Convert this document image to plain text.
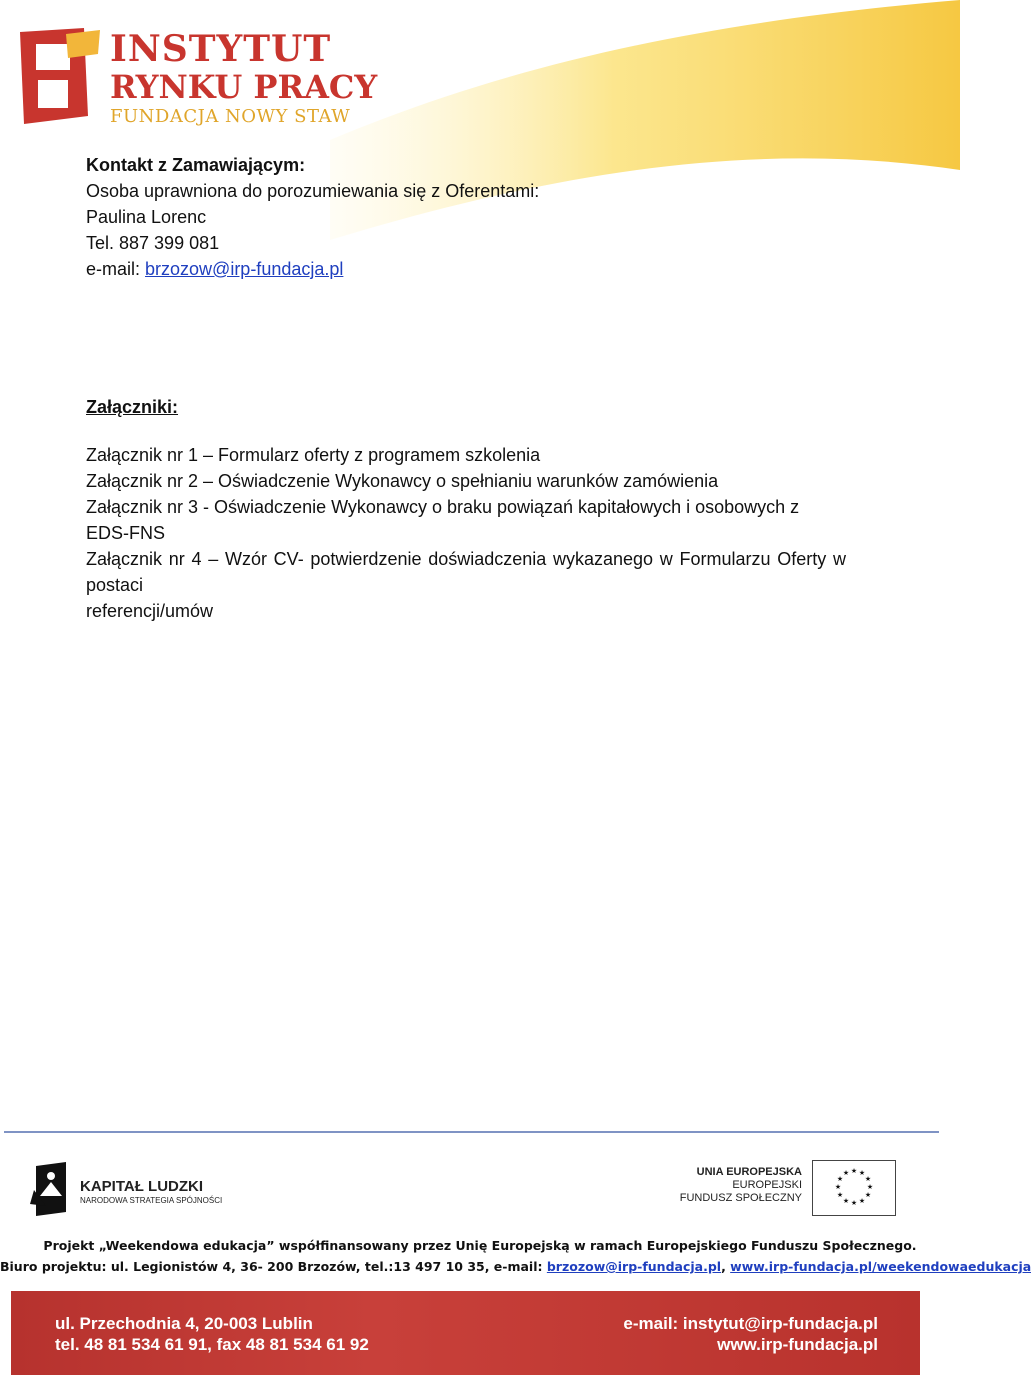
INSTYTUT
RYNKU PRACY
FUNDACJA NOWY STAW

Kontakt z Zamawiającym:

Osoba uprawniona do porozumiewania się z Oferentami:

Paulina Lorenc

Tel. 887 399 081

e-mail: brzozow@irp-fundacja.pl

Załączniki:

Załącznik nr 1 – Formularz oferty z programem szkolenia

Załącznik nr 2 – Oświadczenie Wykonawcy o spełnianiu warunków zamówienia

Załącznik nr 3 - Oświadczenie Wykonawcy o braku powiązań kapitałowych i osobowych z EDS-FNS

Załącznik nr 4 – Wzór CV- potwierdzenie doświadczenia wykazanego w Formularzu Oferty w postaci

referencji/umów

KAPITAŁ LUDZKI
NARODOWA STRATEGIA SPÓJNOŚCI
UNIA EUROPEJSKA
EUROPEJSKI
FUNDUSZ SPOŁECZNY
★ ★
★
★
★
★
★
★
★
★
★
★
Projekt „Weekendowa edukacja” współfinansowany przez Unię Europejską w ramach Europejskiego Funduszu Społecznego.
Biuro projektu: ul. Legionistów 4, 36- 200 Brzozów, tel.:13 497 10 35, e-mail: brzozow@irp-fundacja.pl, www.irp-fundacja.pl/weekendowaedukacja
ul. Przechodnia 4, 20-003 Lublin
tel. 48 81 534 61 91, fax 48 81 534 61 92
e-mail: instytut@irp-fundacja.pl
www.irp-fundacja.pl
